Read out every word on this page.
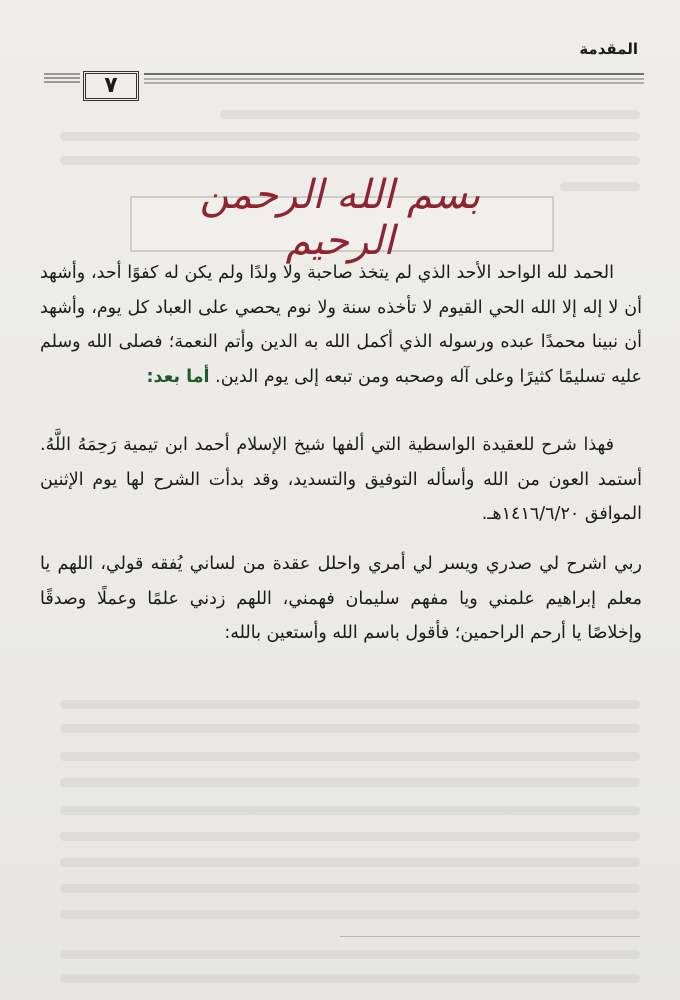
المقدمة
٧
بسم الله الرحمن الرحيم
الحمد لله الواحد الأحد الذي لم يتخذ صاحبة ولا ولدًا ولم يكن له كفوًا أحد، وأشهد أن لا إله إلا الله الحي القيوم لا تأخذه سنة ولا نوم يحصي على العباد كل يوم، وأشهد أن نبينا محمدًا عبده ورسوله الذي أكمل الله به الدين وأتم النعمة؛ فصلى الله وسلم عليه تسليمًا كثيرًا وعلى آله وصحبه ومن تبعه إلى يوم الدين. أما بعد:
فهذا شرح للعقيدة الواسطية التي ألفها شيخ الإسلام أحمد ابن تيمية رَحِمَهُ اللَّهُ. أستمد العون من الله وأسأله التوفيق والتسديد، وقد بدأت الشرح لها يوم الإثنين الموافق ١٤١٦/٦/٢٠هـ.
ربي اشرح لي صدري ويسر لي أمري واحلل عقدة من لساني يُفقه قولي، اللهم يا معلم إبراهيم علمني ويا مفهم سليمان فهمني، اللهم زدني علمًا وعملًا وصدقًا وإخلاصًا يا أرحم الراحمين؛ فأقول باسم الله وأستعين بالله:
